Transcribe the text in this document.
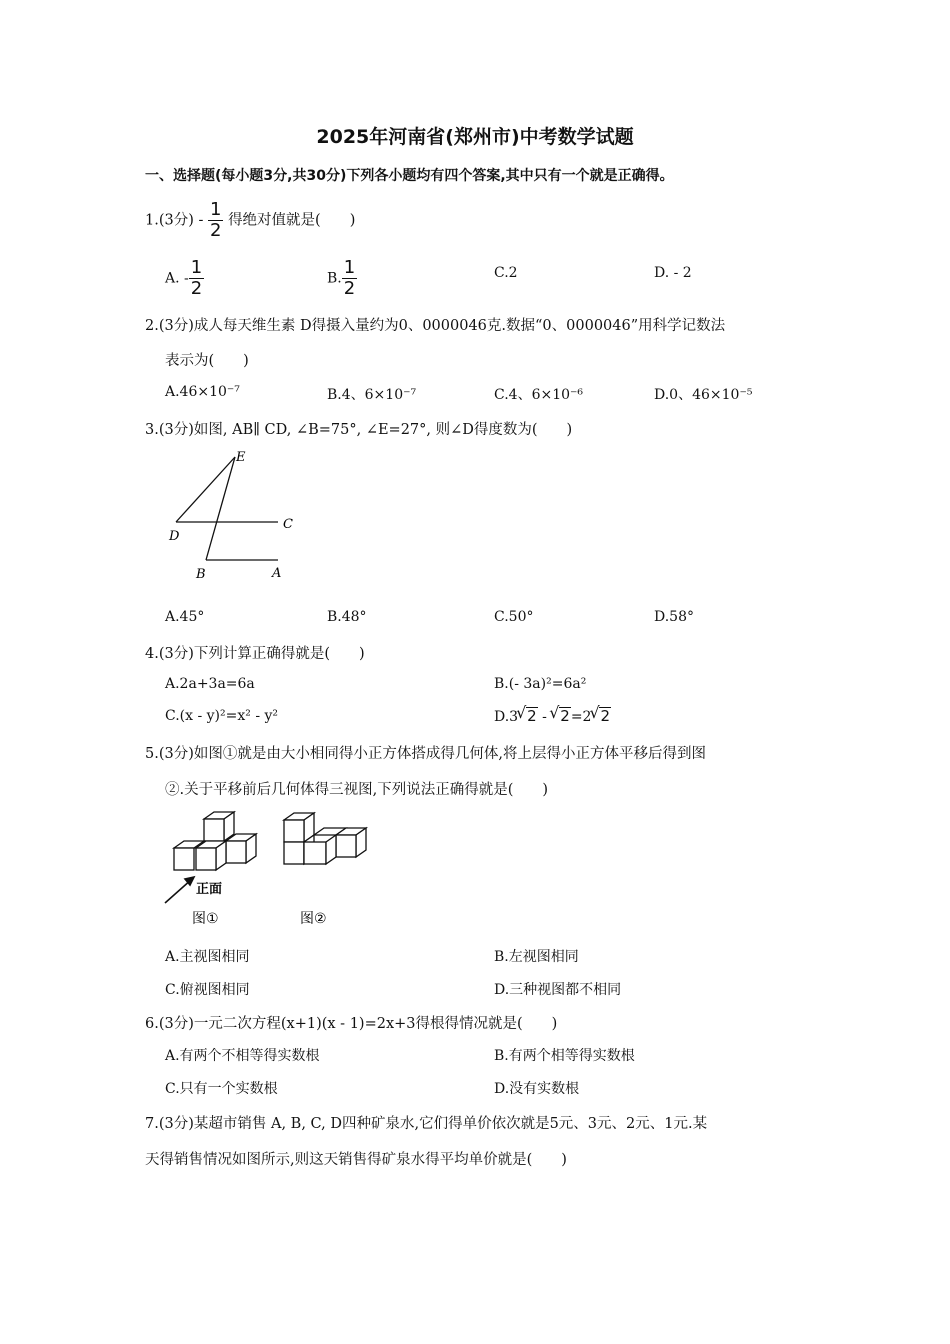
2025年河南省(郑州市)中考数学试题
一、选择题(每小题3分,共30分)下列各小题均有四个答案,其中只有一个就是正确得。
1.(3分) - $\frac{1}{2}$ 得绝对值就是(　　)
A. - $\frac{1}{2}$	B. $\frac{1}{2}$	C.2	D. - 2
2.(3分)成人每天维生素 D得摄入量约为0、0000046克.数据“0、0000046”用科学记数法
表示为(　　)
A.46×10⁻⁷	B.4、6×10⁻⁷	C.4、6×10⁻⁶	D.0、46×10⁻⁵
3.(3分)如图, AB∥ CD, ∠B=75°, ∠E=27°, 则∠D得度数为(　　)
E
C
D
B	A
A.45°	B.48°	C.50°	D.58°
4.(3分)下列计算正确得就是(　　)
A.2a+3a=6a	B.(- 3a)²=6a²
C.(x - y)²=x² - y²	D.3 √ 2 - √ 2=2 √ 2
5.(3分)如图①就是由大小相同得小正方体搭成得几何体,将上层得小正方体平移后得到图
②.关于平移前后几何体得三视图,下列说法正确得就是(　　)
正面
图①	图②
A.主视图相同	B.左视图相同
C.俯视图相同	D.三种视图都不相同
6.(3分)一元二次方程(x+1)(x - 1)=2x+3得根得情况就是(　　)
A.有两个不相等得实数根	B.有两个相等得实数根
C.只有一个实数根	D.没有实数根
7.(3分)某超市销售 A, B, C, D四种矿泉水,它们得单价依次就是5元、3元、2元、1元.某
天得销售情况如图所示,则这天销售得矿泉水得平均单价就是(　　)
